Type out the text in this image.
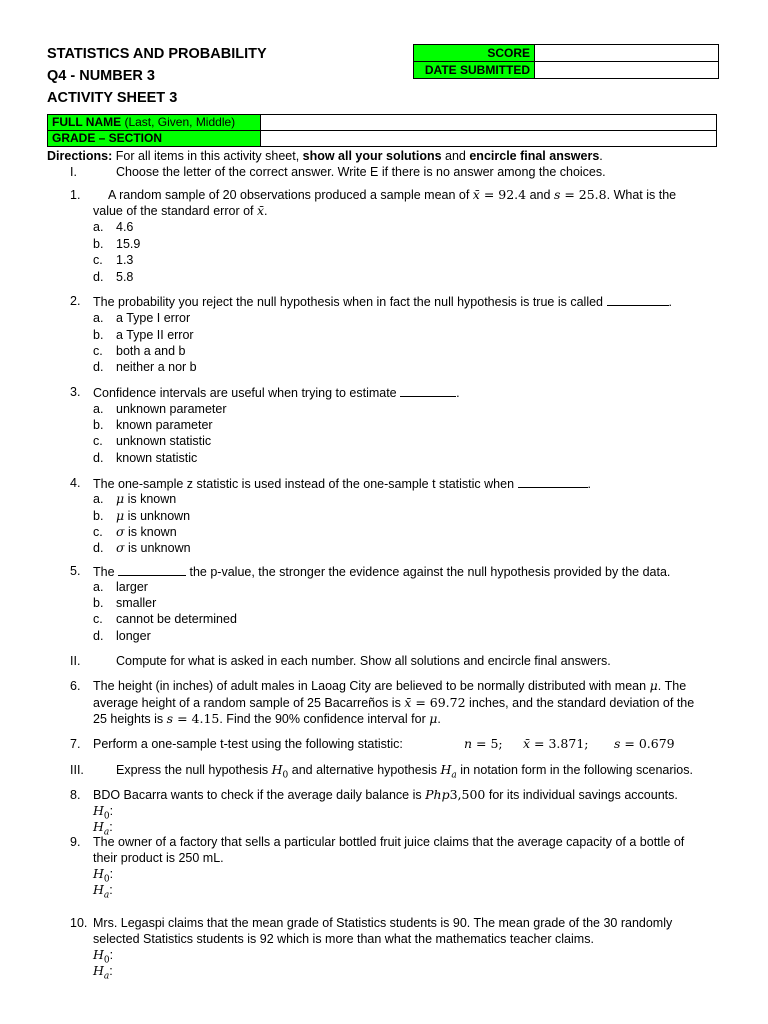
STATISTICS AND PROBABILITY
Q4 - NUMBER 3
ACTIVITY SHEET 3
SCORE	
DATE SUBMITTED	
FULL NAME (Last, Given, Middle)	
GRADE – SECTION	
Directions: For all items in this activity sheet, show all your solutions and encircle final answers.
I.	Choose the letter of the correct answer. Write E if there is no answer among the choices.
1. A random sample of 20 observations produced a sample mean of x̄ = 92.4 and s = 25.8. What is the
value of the standard error of x̄.
a. 4.6
b. 15.9
c. 1.3
d. 5.8
2. The probability you reject the null hypothesis when in fact the null hypothesis is true is called	.
a. a Type I error
b. a Type II error
c. both a and b
d. neither a nor b
3. Confidence intervals are useful when trying to estimate	.
a. unknown parameter
b. known parameter
c. unknown statistic
d. known statistic
4. The one-sample z statistic is used instead of the one-sample t statistic when	.
a. μ is known
b. μ is unknown
c. σ is known
d. σ is unknown
5. The	the p-value, the stronger the evidence against the null hypothesis provided by the data.
a. larger
b. smaller
c. cannot be determined
d. longer
II.	Compute for what is asked in each number. Show all solutions and encircle final answers.
6. The height (in inches) of adult males in Laoag City are believed to be normally distributed with mean μ. The
average height of a random sample of 25 Bacarreños is x̄ = 69.72 inches, and the standard deviation of the
25 heights is s = 4.15. Find the 90% confidence interval for μ.
7. Perform a one-sample t-test using the following statistic:	n = 5; x̄ = 3.871; s = 0.679
III.	Express the null hypothesis $H_0$ and alternative hypothesis $H_a$ in notation form in the following scenarios.
8. BDO Bacarra wants to check if the average daily balance is Php3,500 for its individual savings accounts.
$H_0$:
$H_a$:
9. The owner of a factory that sells a particular bottled fruit juice claims that the average capacity of a bottle of
their product is 250 mL.
$H_0$:
$H_a$:
10. Mrs. Legaspi claims that the mean grade of Statistics students is 90. The mean grade of the 30 randomly
selected Statistics students is 92 which is more than what the mathematics teacher claims.
$H_0$:
$H_a$:
